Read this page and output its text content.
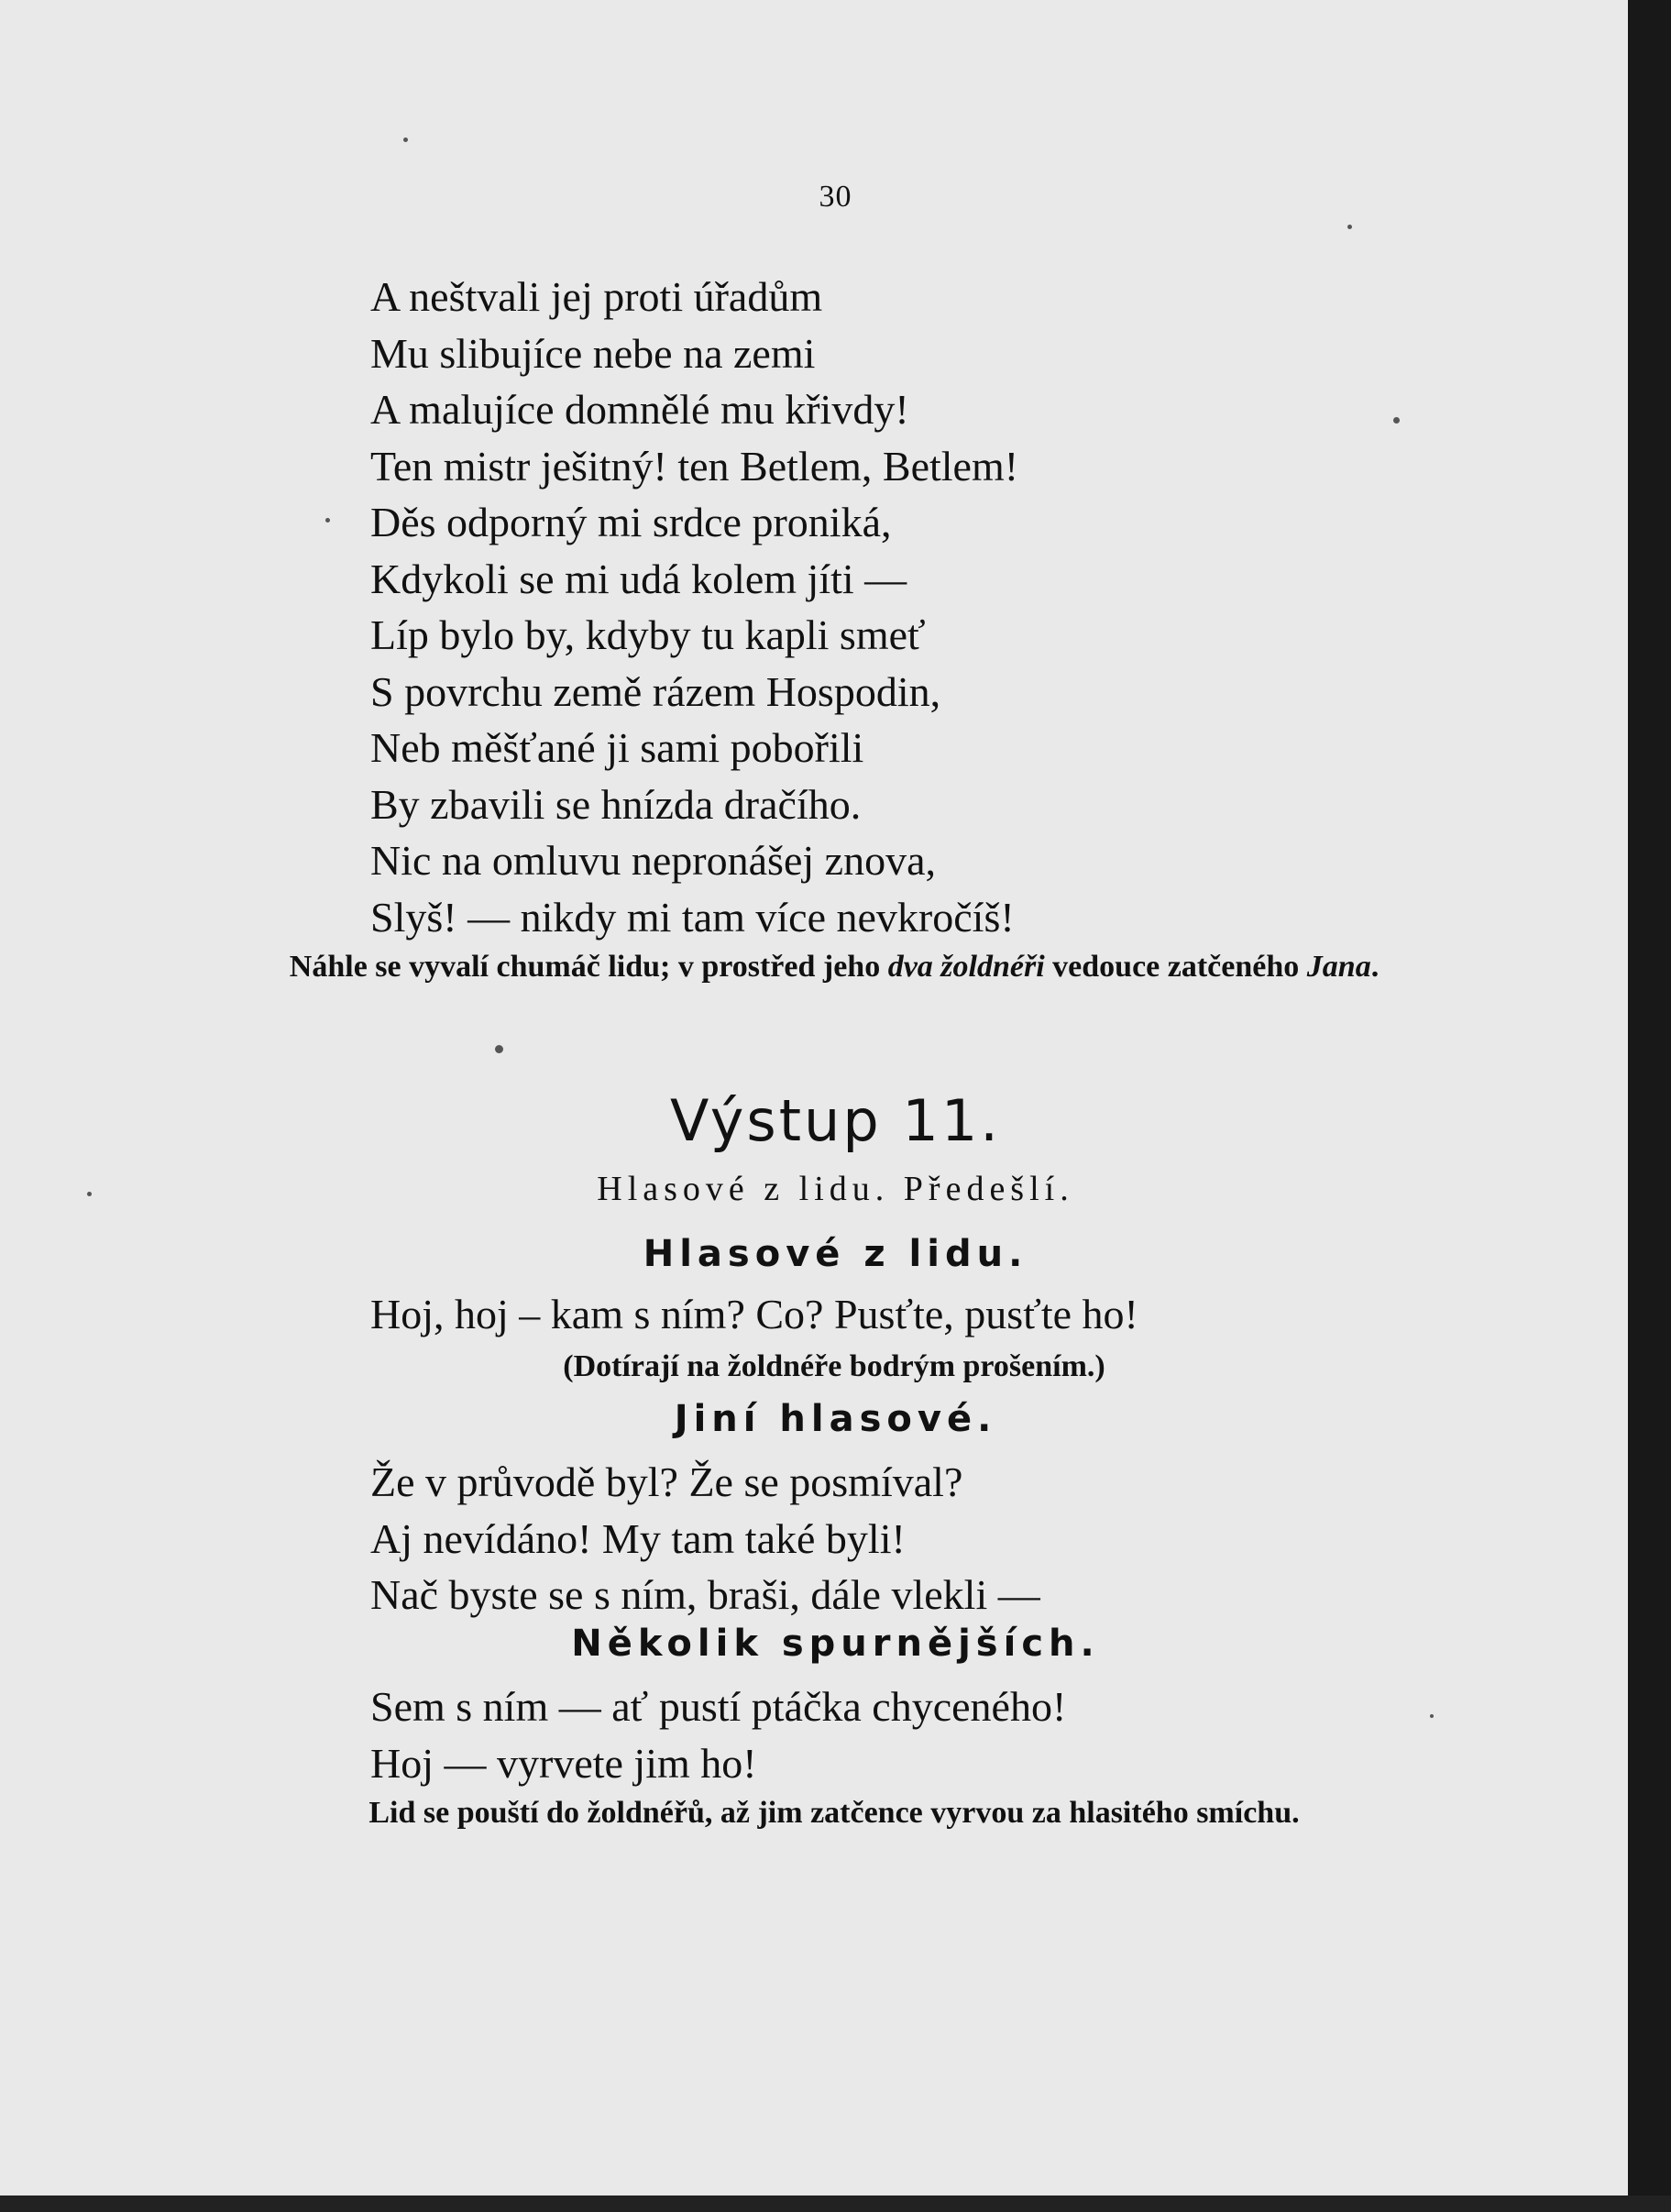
30
A neštvali jej proti úřadům
Mu slibujíce nebe na zemi
A malujíce domnělé mu křivdy!
Ten mistr ješitný! ten Betlem, Betlem!
Děs odporný mi srdce proniká,
Kdykoli se mi udá kolem jíti —
Líp bylo by, kdyby tu kapli smeť
S povrchu země rázem Hospodin,
Neb měšťané ji sami pobořili
By zbavili se hnízda dračího.
Nic na omluvu nepronášej znova,
Slyš! — nikdy mi tam více nevkročíš!
Náhle se vyvalí chumáč lidu; v prostřed jeho dva žoldnéři vedouce zatčeného Jana.
Výstup 11.
Hlasové z lidu. Předešlí.
Hlasové z lidu.
Hoj, hoj – kam s ním? Co? Pusťte, pusťte ho!
(Dotírají na žoldnéře bodrým prošením.)
Jiní hlasové.
Že v průvodě byl? Že se posmíval?
Aj nevídáno! My tam také byli!
Nač byste se s ním, braši, dále vlekli —
Několik spurnějších.
Sem s ním — ať pustí ptáčka chyceného!
Hoj — vyrvete jim ho!
Lid se pouští do žoldnéřů, až jim zatčence vyrvou za hlasitého smíchu.
